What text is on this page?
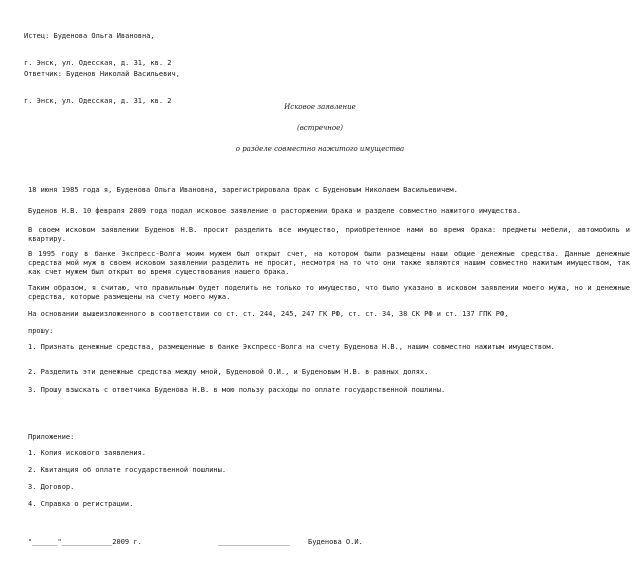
Истец: Буденова Ольга Ивановна,

г. Энск, ул. Одесская, д. 31, кв. 2

Ответчик: Буденов Николай Васильевич,

г. Энск, ул. Одесская, д. 31, кв. 2

Исковое заявление
(встречное)
о разделе совместно нажитого имущества
18 июня 1985 года я, Буденова Ольга Ивановна, зарегистрировала брак с Буденовым Николаем Васильевичем.
Буденов Н.В. 10 февраля 2009 года подал исковое заявление о расторжении брака и разделе совместно нажитого имущества.
В своем исковом заявлении Буденов Н.В. просит разделить все имущество, приобретенное нами во время брака: предметы мебели, автомобиль и квартиру.
В 1995 году в банке Экспресс-Волга моим мужем был открыт счет, на котором были размещены наши общие денежные средства. Данные денежные средства мой муж в своем исковом заявлении разделить не просит, несмотря на то что они также являются нашим совместно нажитым имуществом, так как счет мужем был открыт во время существования нашего брака.
Таким образом, я считаю, что правильным будет поделить не только то имущество, что было указано в исковом заявлении моего мужа, но и денежные средства, которые размещены на счету моего мужа.
На основании вышеизложенного в соответствии со ст. ст. 244, 245, 247 ГК РФ, ст. ст. 34, 38 СК РФ и ст. 137 ГПК РФ,
прошу:
1. Признать денежные средства, размещенные в банке Экспресс-Волга на счету Буденова Н.В., нашим совместно нажитым имуществом.
2. Разделить эти денежные средства между мной, Буденовой О.И., и Буденовым Н.В. в равных долях.
3. Прошу взыскать с ответчика Буденова Н.В. в мою пользу расходы по оплате государственной пошлины.
Приложение:
1. Копия искового заявления.
2. Квитанция об оплате государственной пошлины.
3. Договор.
4. Справка о регистрации.
"______"____________2009 г.	_________________	Буденова О.И.
